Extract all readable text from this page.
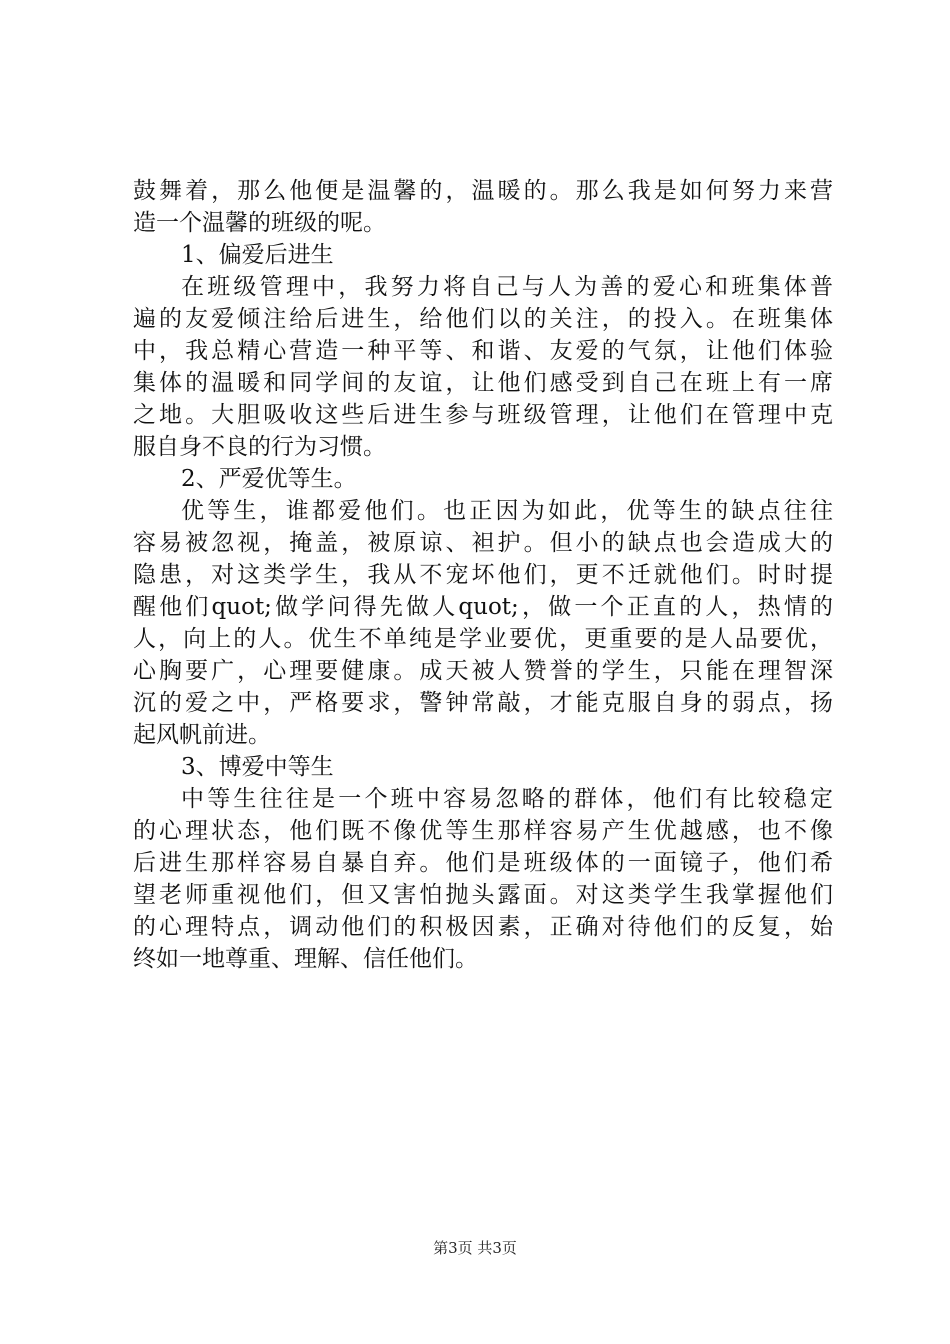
鼓舞着，那么他便是温馨的，温暖的。那么我是如何努力来营
造一个温馨的班级的呢。
1、偏爱后进生
在班级管理中，我努力将自己与人为善的爱心和班集体普
遍的友爱倾注给后进生，给他们以的关注，的投入。在班集体
中，我总精心营造一种平等、和谐、友爱的气氛，让他们体验
集体的温暖和同学间的友谊，让他们感受到自己在班上有一席
之地。大胆吸收这些后进生参与班级管理，让他们在管理中克
服自身不良的行为习惯。
2、严爱优等生。
优等生，谁都爱他们。也正因为如此，优等生的缺点往往
容易被忽视，掩盖，被原谅、袒护。但小的缺点也会造成大的
隐患，对这类学生，我从不宠坏他们，更不迁就他们。时时提
醒他们quot;做学问得先做人quot;，做一个正直的人，热情的
人，向上的人。优生不单纯是学业要优，更重要的是人品要优，
心胸要广，心理要健康。成天被人赞誉的学生，只能在理智深
沉的爱之中，严格要求，警钟常敲，才能克服自身的弱点，扬
起风帆前进。
3、博爱中等生
中等生往往是一个班中容易忽略的群体，他们有比较稳定
的心理状态，他们既不像优等生那样容易产生优越感，也不像
后进生那样容易自暴自弃。他们是班级体的一面镜子，他们希
望老师重视他们，但又害怕抛头露面。对这类学生我掌握他们
的心理特点，调动他们的积极因素，正确对待他们的反复，始
终如一地尊重、理解、信任他们。
第3页 共3页
